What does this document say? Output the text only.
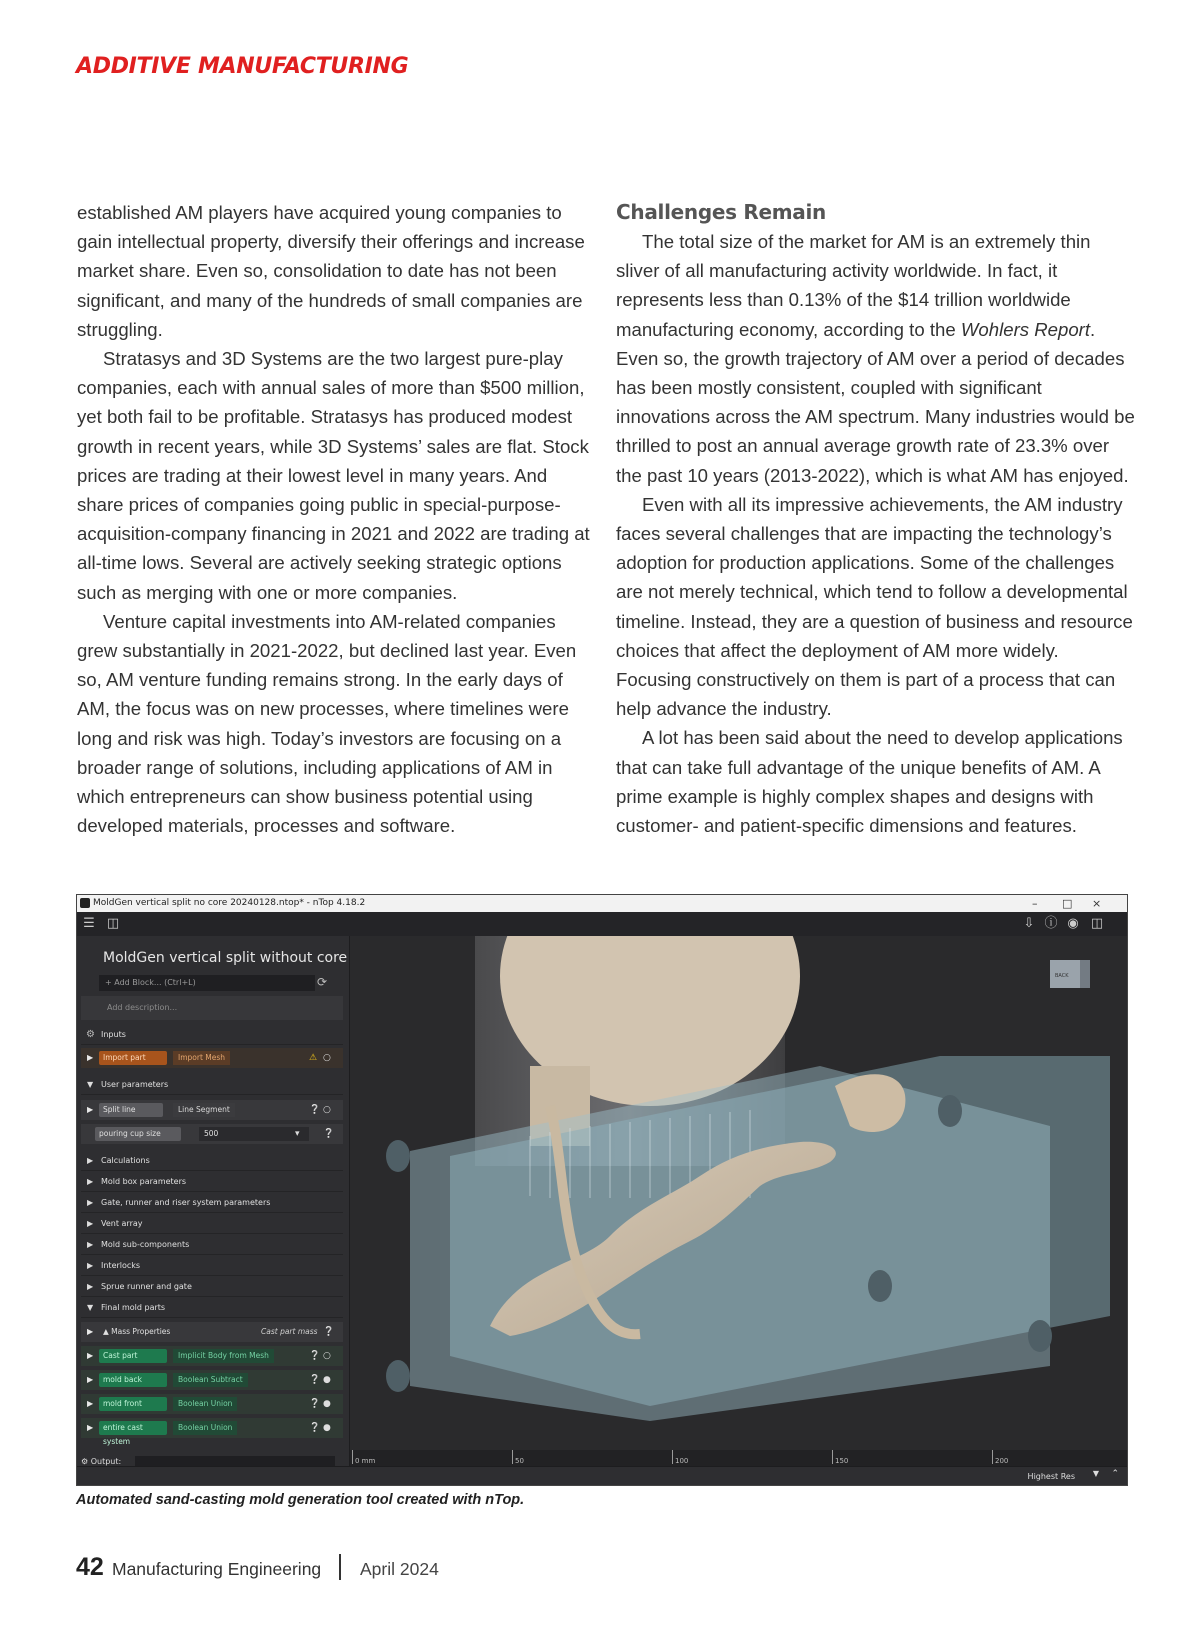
ADDITIVE MANUFACTURING

established AM players have acquired young companies to gain intellectual property, diversify their offerings and increase market share. Even so, consolidation to date has not been significant, and many of the hundreds of small companies are struggling.

Stratasys and 3D Systems are the two largest pure-play companies, each with annual sales of more than $500 million, yet both fail to be profitable. Stratasys has produced modest growth in recent years, while 3D Systems’ sales are flat. Stock prices are trading at their lowest level in many years. And share prices of companies going public in special-purpose-acquisition-company financing in 2021 and 2022 are trading at all-time lows. Several are actively seeking strategic options such as merging with one or more companies.

Venture capital investments into AM-related companies grew substantially in 2021-2022, but declined last year. Even so, AM venture funding remains strong. In the early days of AM, the focus was on new processes, where timelines were long and risk was high. Today’s investors are focusing on a broader range of solutions, including applications of AM in which entrepreneurs can show business potential using developed materials, processes and software.

Challenges Remain

The total size of the market for AM is an extremely thin sliver of all manufacturing activity worldwide. In fact, it represents less than 0.13% of the $14 trillion worldwide manufacturing economy, according to the Wohlers Report. Even so, the growth trajectory of AM over a period of decades has been mostly consistent, coupled with significant innovations across the AM spectrum. Many industries would be thrilled to post an annual average growth rate of 23.3% over the past 10 years (2013-2022), which is what AM has enjoyed.

Even with all its impressive achievements, the AM industry faces several challenges that are impacting the technology’s adoption for production applications. Some of the challenges are not merely technical, which tend to follow a developmental timeline. Instead, they are a question of business and resource choices that affect the deployment of AM more widely. Focusing constructively on them is part of a process that can help advance the industry.

A lot has been said about the need to develop applications that can take full advantage of the unique benefits of AM. A prime example is highly complex shapes and designs with customer- and patient-specific dimensions and features.

MoldGen vertical split no core 20240128.ntop* - nTop 4.18.2	– □ ×
☰ ◫	⇩ ⓘ ◉ ◫
MoldGen vertical split without core
+ Add Block... (Ctrl+L)	⟳
Add description...
⚙ Inputs
▶	Import part	Import Mesh	⚠ ○
▼ User parameters
▶	Split line	Line Segment	❔ ○
pouring cup size	500	▾	❔
▶ Calculations
▶ Mold box parameters
▶ Gate, runner and riser system parameters
▶ Vent array
▶ Mold sub-components
▶ Interlocks
▶ Sprue runner and gate
▼ Final mold parts
▶	▲ Mass Properties	Cast part mass ❔
▶	Cast part	Implicit Body from Mesh	❔ ○
▶	mold back	Boolean Subtract	❔ ●
▶	mold front	Boolean Union	❔ ●
▶	entire cast system
Boolean Union	❔ ●
⚙ Output:
BACK
0 mm	50	100	150	200
Highest Res ▼ ⌃
Automated sand-casting mold generation tool created with nTop.
42 Manufacturing Engineering April 2024
